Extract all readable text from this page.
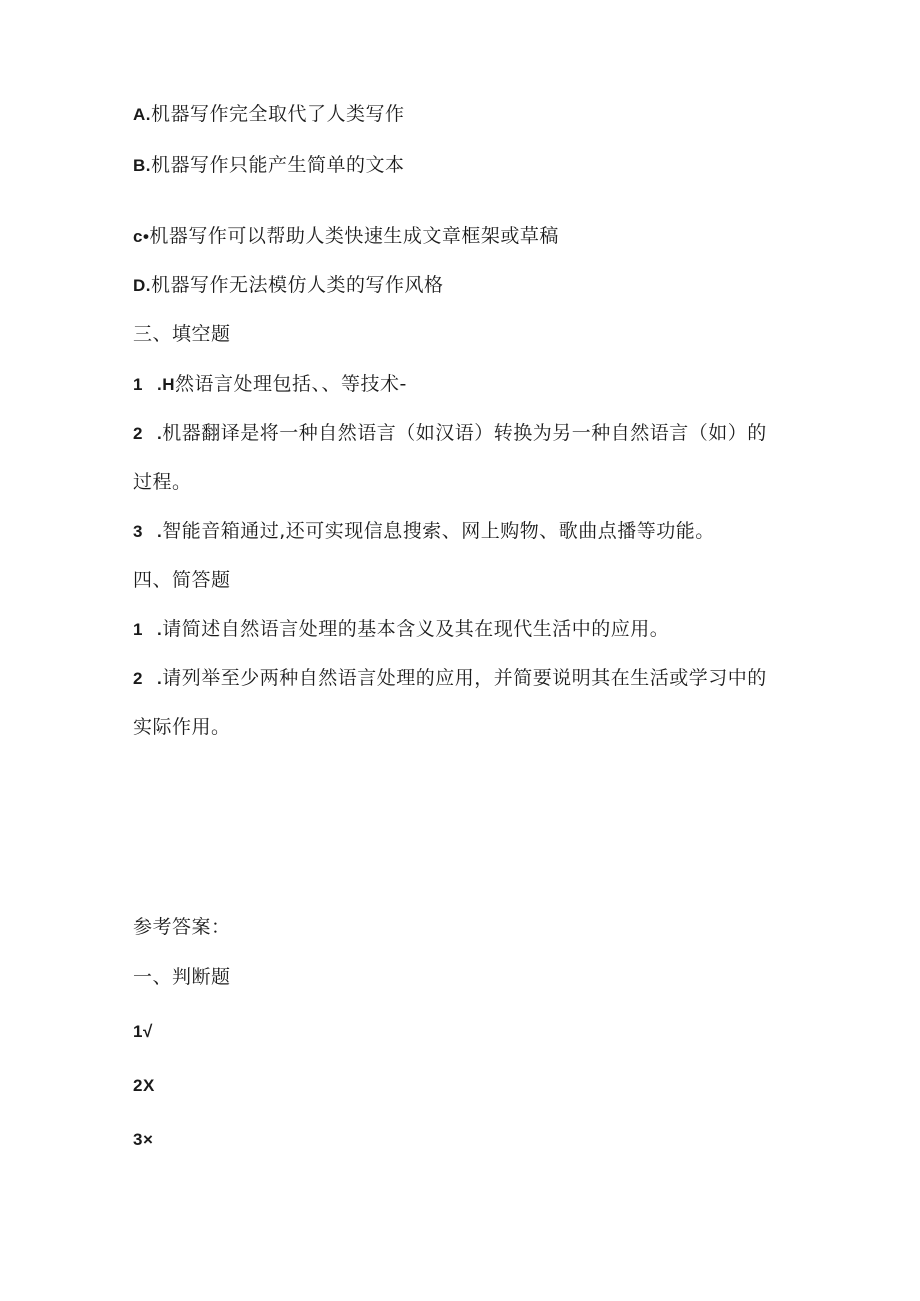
A.机器写作完全取代了人类写作
B.机器写作只能产生简单的文本
c•机器写作可以帮助人类快速生成文章框架或草稿
D.机器写作无法模仿人类的写作风格
三、填空题
1 .H然语言处理包括、、等技术-
2 .机器翻译是将一种自然语言（如汉语）转换为另一种自然语言（如）的
过程。
3 .智能音箱通过,还可实现信息搜索、网上购物、歌曲点播等功能。
四、简答题
1 .请简述自然语言处理的基本含义及其在现代生活中的应用。
2 .请列举至少两种自然语言处理的应用，并简要说明其在生活或学习中的
实际作用。
参考答案：
一、判断题
1√
2X
3×
